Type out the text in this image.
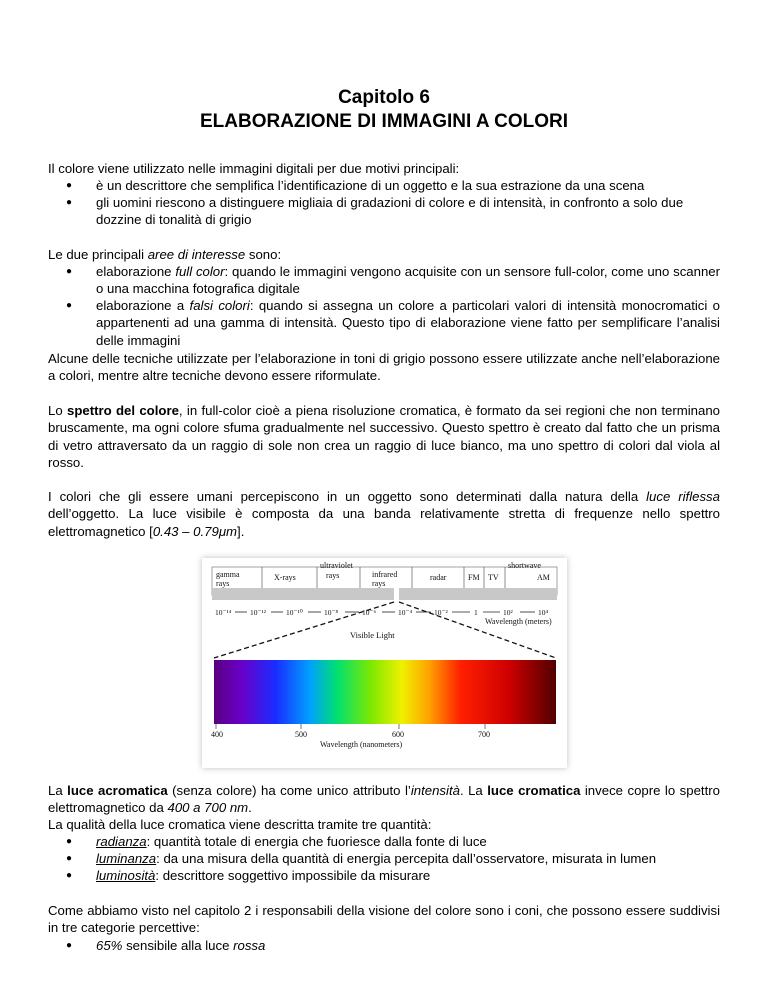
Capitolo 6
ELABORAZIONE DI IMMAGINI A COLORI
Il colore viene utilizzato nelle immagini digitali per due motivi principali:
● è un descrittore che semplifica l’identificazione di un oggetto e la sua estrazione da una scena
● gli uomini riescono a distinguere migliaia di gradazioni di colore e di intensità, in confronto a solo due dozzine di tonalità di grigio
Le due principali aree di interesse sono:
● elaborazione full color: quando le immagini vengono acquisite con un sensore full-color, come uno scanner o una macchina fotografica digitale
● elaborazione a falsi colori: quando si assegna un colore a particolari valori di intensità monocromatici o appartenenti ad una gamma di intensità. Questo tipo di elaborazione viene fatto per semplificare l’analisi delle immagini
Alcune delle tecniche utilizzate per l’elaborazione in toni di grigio possono essere utilizzate anche nell’elaborazione a colori, mentre altre tecniche devono essere riformulate.
Lo spettro del colore, in full-color cioè a piena risoluzione cromatica, è formato da sei regioni che non terminano bruscamente, ma ogni colore sfuma gradualmente nel successivo. Questo spettro è creato dal fatto che un prisma di vetro attraversato da un raggio di sole non crea un raggio di luce bianco, ma uno spettro di colori dal viola al rosso.
I colori che gli essere umani percepiscono in un oggetto sono determinati dalla natura della luce riflessa dell’oggetto. La luce visibile è composta da una banda relativamente stretta di frequenze nello spettro elettromagnetico [0.43 – 0.79μm].
gamma
rays
X-rays
ultraviolet
rays	infrared
rays
radar	FM TV
shortwave
AM
10⁻¹⁴ 10⁻¹²	10⁻¹⁰	10⁻⁸	10⁻⁶	10⁻⁴	10⁻²	1	10²	10⁴
Wavelength (meters)
Visible Light
400	500	600	700
Wavelength (nanometers)
La luce acromatica (senza colore) ha come unico attributo l’intensità. La luce cromatica invece copre lo spettro elettromagnetico da 400 a 700 nm.
La qualità della luce cromatica viene descritta tramite tre quantità:
● radianza: quantità totale di energia che fuoriesce dalla fonte di luce
● luminanza: da una misura della quantità di energia percepita dall’osservatore, misurata in lumen
● luminosità: descrittore soggettivo impossibile da misurare
Come abbiamo visto nel capitolo 2 i responsabili della visione del colore sono i coni, che possono essere suddivisi in tre categorie percettive:
● 65% sensibile alla luce rossa
